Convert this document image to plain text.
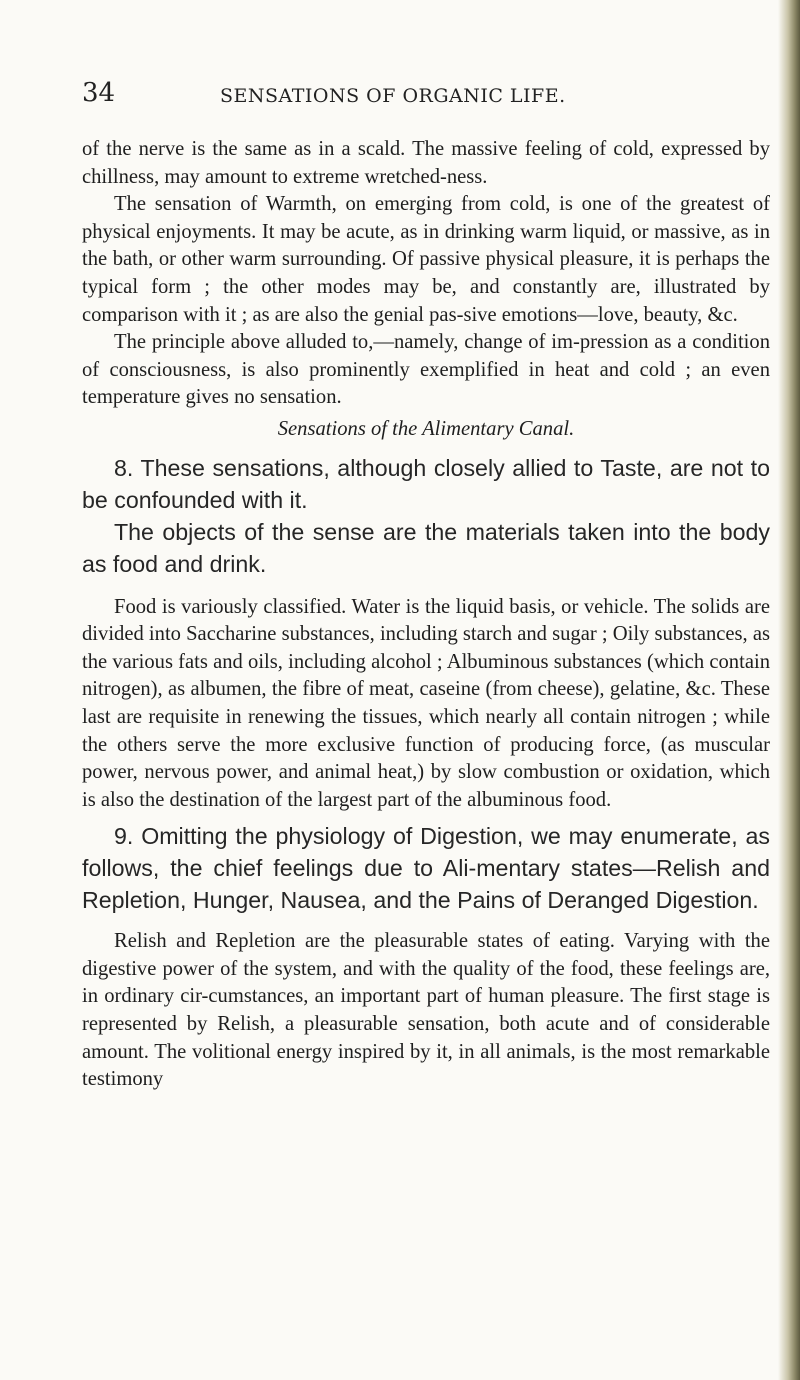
34	SENSATIONS OF ORGANIC LIFE.

of the nerve is the same as in a scald. The massive feeling of cold, expressed by chillness, may amount to extreme wretched-ness.

The sensation of Warmth, on emerging from cold, is one of the greatest of physical enjoyments. It may be acute, as in drinking warm liquid, or massive, as in the bath, or other warm surrounding. Of passive physical pleasure, it is perhaps the typical form ; the other modes may be, and constantly are, illustrated by comparison with it ; as are also the genial pas-sive emotions—love, beauty, &c.

The principle above alluded to,—namely, change of im-pression as a condition of consciousness, is also prominently exemplified in heat and cold ; an even temperature gives no sensation.

Sensations of the Alimentary Canal.

8. These sensations, although closely allied to Taste, are not to be confounded with it.

The objects of the sense are the materials taken into the body as food and drink.

Food is variously classified. Water is the liquid basis, or vehicle. The solids are divided into Saccharine substances, including starch and sugar ; Oily substances, as the various fats and oils, including alcohol ; Albuminous substances (which contain nitrogen), as albumen, the fibre of meat, caseine (from cheese), gelatine, &c. These last are requisite in renewing the tissues, which nearly all contain nitrogen ; while the others serve the more exclusive function of producing force, (as muscular power, nervous power, and animal heat,) by slow combustion or oxidation, which is also the destination of the largest part of the albuminous food.

9. Omitting the physiology of Digestion, we may enumerate, as follows, the chief feelings due to Ali-mentary states—Relish and Repletion, Hunger, Nausea, and the Pains of Deranged Digestion.

Relish and Repletion are the pleasurable states of eating. Varying with the digestive power of the system, and with the quality of the food, these feelings are, in ordinary cir-cumstances, an important part of human pleasure. The first stage is represented by Relish, a pleasurable sensation, both acute and of considerable amount. The volitional energy inspired by it, in all animals, is the most remarkable testimony
